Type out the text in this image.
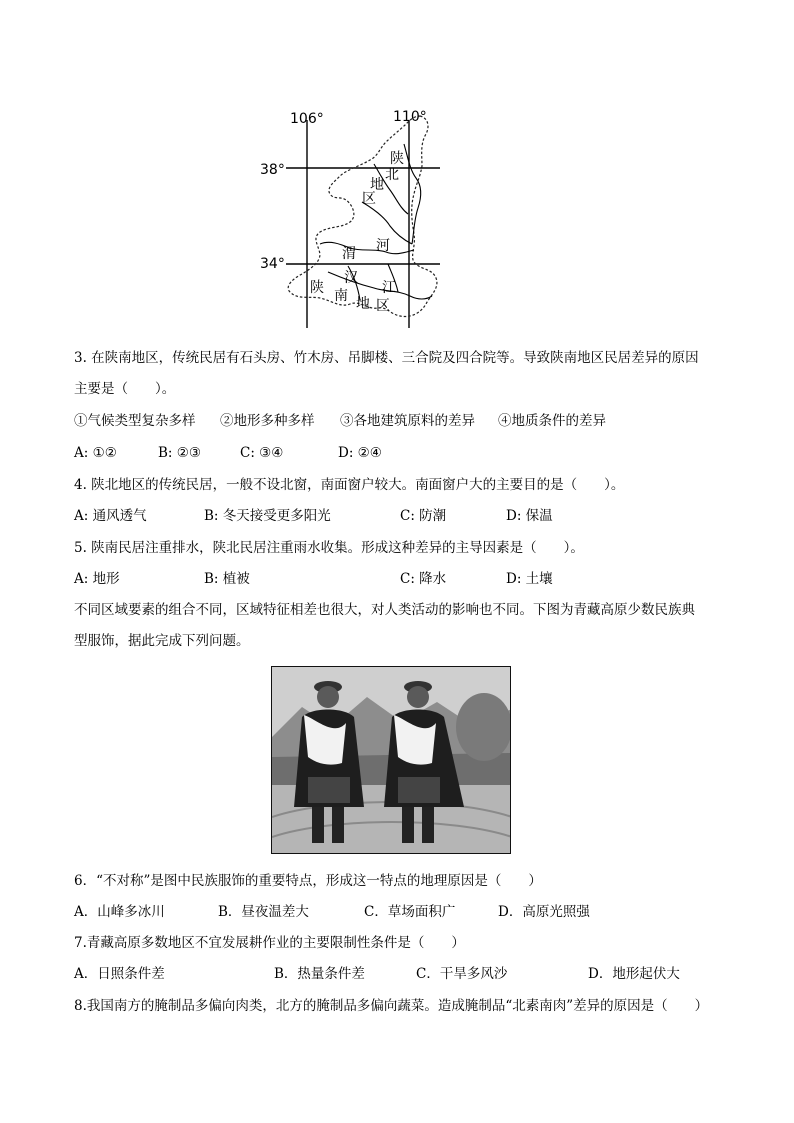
106°	110°
38°
34°
陕
北
地
区
渭 河
陕
汉
南 江
地 区
3. 在陕南地区，传统民居有石头房、竹木房、吊脚楼、三合院及四合院等。导致陕南地区民居差异的原因
主要是（　　）。
①气候类型复杂多样 ②地形多种多样 ③各地建筑原料的差异 ④地质条件的差异
A: ①②	B: ②③	C: ③④	D: ②④
4. 陕北地区的传统民居，一般不设北窗，南面窗户较大。南面窗户大的主要目的是（　　）。
A: 通风透气	B: 冬天接受更多阳光	C: 防潮	D: 保温
5. 陕南民居注重排水，陕北民居注重雨水收集。形成这种差异的主导因素是（　　）。
A: 地形	B: 植被	C: 降水	D: 土壤
不同区域要素的组合不同，区域特征相差也很大，对人类活动的影响也不同。下图为青藏高原少数民族典
型服饰，据此完成下列问题。
6．“不对称”是图中民族服饰的重要特点，形成这一特点的地理原因是（　　）
A．山峰多冰川	B．昼夜温差大	C．草场面积广	D．高原光照强
7.青藏高原多数地区不宜发展耕作业的主要限制性条件是（　　）
A．日照条件差	B．热量条件差	C．干旱多风沙	D．地形起伏大
8.我国南方的腌制品多偏向肉类，北方的腌制品多偏向蔬菜。造成腌制品“北素南肉”差异的原因是（　　）
